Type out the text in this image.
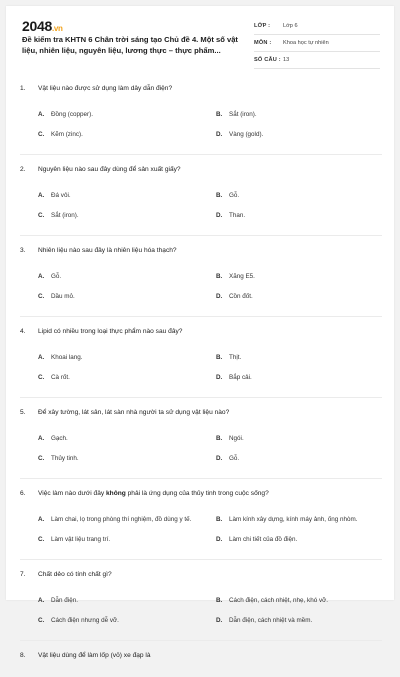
2048.vn
Đề kiểm tra KHTN 6 Chân trời sáng tạo Chủ đề 4. Một số vật liệu, nhiên liệu, nguyên liệu, lương thực – thực phẩm...
LỚP :	Lớp 6
MÔN :	Khoa học tự nhiên
SỐ CÂU : 13
1.	Vật liệu nào được sử dụng làm dây dẫn điện?
A.	Đồng (copper).	B.	Sắt (iron).
C.	Kẽm (zinc).	D.	Vàng (gold).
2.	Nguyên liệu nào sau đây dùng để sản xuất giấy?
A.	Đá vôi.	B.	Gỗ.
C.	Sắt (iron).	D.	Than.
3.	Nhiên liệu nào sau đây là nhiên liệu hóa thạch?
A.	Gỗ.	B.	Xăng E5.
C.	Dầu mỏ.	D.	Cồn đốt.
4.	Lipid có nhiều trong loại thực phẩm nào sau đây?
A.	Khoai lang.	B.	Thịt.
C.	Cà rốt.	D.	Bắp cải.
5.	Để xây tường, lát sân, lát sàn nhà người ta sử dụng vật liệu nào?
A.	Gạch.	B.	Ngói.
C.	Thủy tinh.	D.	Gỗ.
6.	Việc làm nào dưới đây không phải là ứng dụng của thủy tinh trong cuộc sống?
A.	Làm chai, lọ trong phòng thí nghiệm, đồ dùng y tế.	B.	Làm kính xây dựng, kính máy ảnh, ống nhòm.
C.	Làm vật liệu trang trí.	D.	Làm chi tiết của đồ điện.
7.	Chất dẻo có tính chất gì?
A.	Dẫn điện.	B.	Cách điện, cách nhiệt, nhẹ, khó vỡ.
C.	Cách điện nhưng dễ vỡ.	D.	Dẫn điện, cách nhiệt và mềm.
8.	Vật liệu dùng để làm lốp (vỏ) xe đạp là
